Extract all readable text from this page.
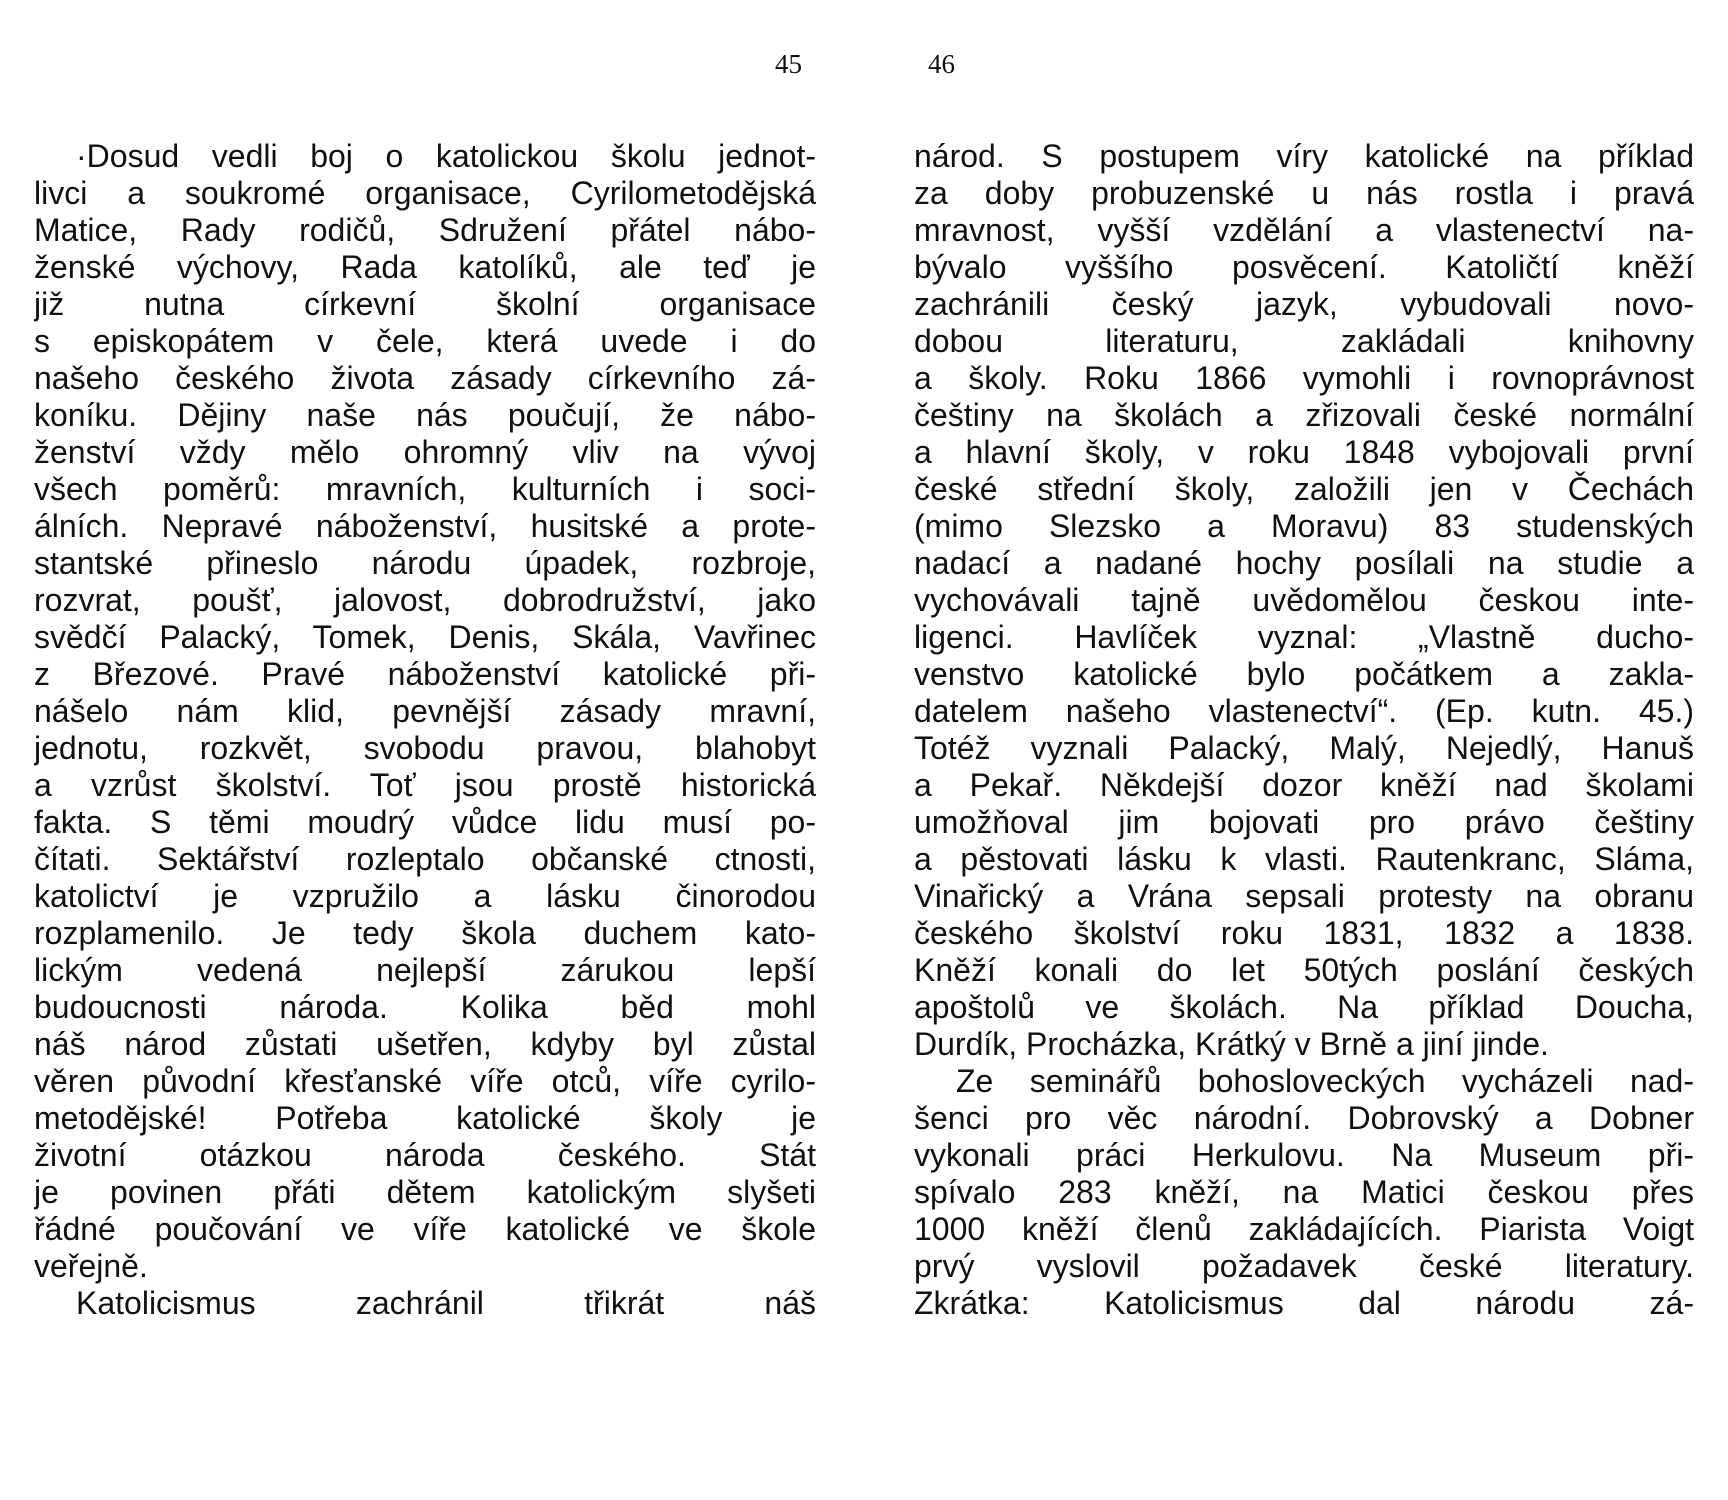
45
·Dosud vedli boj o katolickou školu jednot-
livci a soukromé organisace, Cyrilometodějská
Matice, Rady rodičů, Sdružení přátel nábo-
ženské výchovy, Rada katolíků, ale teď je
již nutna církevní školní organisace
s episkopátem v čele, která uvede i do
našeho českého života zásady církevního zá-
koníku. Dějiny naše nás poučují, že nábo-
ženství vždy mělo ohromný vliv na vývoj
všech poměrů: mravních, kulturních i soci-
álních. Nepravé náboženství, husitské a prote-
stantské přineslo národu úpadek, rozbroje,
rozvrat, poušť, jalovost, dobrodružství, jako
svědčí Palacký, Tomek, Denis, Skála, Vavřinec
z Březové. Pravé náboženství katolické při-
nášelo nám klid, pevnější zásady mravní,
jednotu, rozkvět, svobodu pravou, blahobyt
a vzrůst školství. Toť jsou prostě historická
fakta. S těmi moudrý vůdce lidu musí po-
čítati. Sektářství rozleptalo občanské ctnosti,
katolictví je vzpružilo a lásku činorodou
rozplamenilo. Je tedy škola duchem kato-
lickým vedená nejlepší zárukou lepší
budoucnosti národa. Kolika běd mohl
náš národ zůstati ušetřen, kdyby byl zůstal
věren původní křesťanské víře otců, víře cyrilo-
metodějské! Potřeba katolické školy je
životní otázkou národa českého. Stát
je povinen přáti dětem katolickým slyšeti
řádné poučování ve víře katolické ve škole
veřejně.
Katolicismus zachránil třikrát náš
46
národ. S postupem víry katolické na příklad
za doby probuzenské u nás rostla i pravá
mravnost, vyšší vzdělání a vlastenectví na-
bývalo vyššího posvěcení. Katoličtí kněží
zachránili český jazyk, vybudovali novo-
dobou literaturu, zakládali knihovny
a školy. Roku 1866 vymohli i rovnoprávnost
češtiny na školách a zřizovali české normální
a hlavní školy, v roku 1848 vybojovali první
české střední školy, založili jen v Čechách
(mimo Slezsko a Moravu) 83 studenských
nadací a nadané hochy posílali na studie a
vychovávali tajně uvědomělou českou inte-
ligenci. Havlíček vyznal: „Vlastně ducho-
venstvo katolické bylo počátkem a zakla-
datelem našeho vlastenectví“. (Ep. kutn. 45.)
Totéž vyznali Palacký, Malý, Nejedlý, Hanuš
a Pekař. Někdejší dozor kněží nad školami
umožňoval jim bojovati pro právo češtiny
a pěstovati lásku k vlasti. Rautenkranc, Sláma,
Vinařický a Vrána sepsali protesty na obranu
českého školství roku 1831, 1832 a 1838.
Kněží konali do let 50tých poslání českých
apoštolů ve školách. Na příklad Doucha,
Durdík, Procházka, Krátký v Brně a jiní jinde.
Ze seminářů bohosloveckých vycházeli nad-
šenci pro věc národní. Dobrovský a Dobner
vykonali práci Herkulovu. Na Museum při-
spívalo 283 kněží, na Matici českou přes
1000 kněží členů zakládajících. Piarista Voigt
prvý vyslovil požadavek české literatury.
Zkrátka: Katolicismus dal národu zá-
